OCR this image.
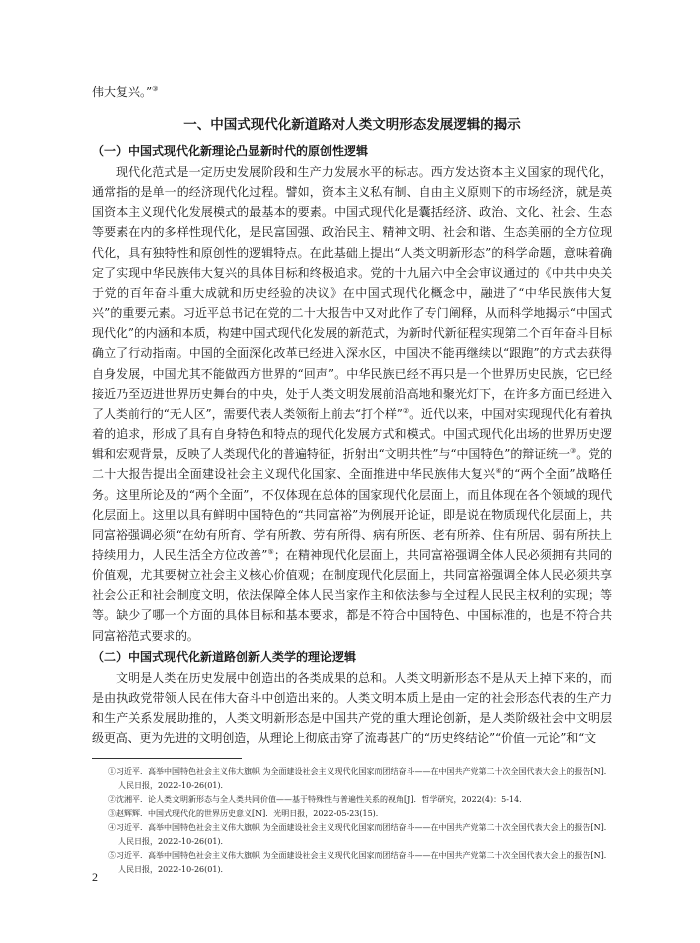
伟大复兴。”③

一、中国式现代化新道路对人类文明形态发展逻辑的揭示
（一）中国式现代化新理论凸显新时代的原创性逻辑

现代化范式是一定历史发展阶段和生产力发展水平的标志。西方发达资本主义国家的现代化，通常指的是单一的经济现代化过程。譬如，资本主义私有制、自由主义原则下的市场经济，就是英国资本主义现代化发展模式的最基本的要素。中国式现代化是囊括经济、政治、文化、社会、生态等要素在内的多样性现代化，是民富国强、政治民主、精神文明、社会和谐、生态美丽的全方位现代化，具有独特性和原创性的逻辑特点。在此基础上提出“人类文明新形态”的科学命题，意味着确定了实现中华民族伟大复兴的具体目标和终极追求。党的十九届六中全会审议通过的《中共中央关于党的百年奋斗重大成就和历史经验的决议》在中国式现代化概念中，融进了“中华民族伟大复兴”的重要元素。习近平总书记在党的二十大报告中又对此作了专门阐释，从而科学地揭示“中国式现代化”的内涵和本质，构建中国式现代化发展的新范式，为新时代新征程实现第二个百年奋斗目标确立了行动指南。中国的全面深化改革已经进入深水区，中国决不能再继续以“跟跑”的方式去获得自身发展，中国尤其不能做西方世界的“回声”。中华民族已经不再只是一个世界历史民族，它已经接近乃至迈进世界历史舞台的中央，处于人类文明发展前沿高地和聚光灯下，在许多方面已经进入了人类前行的“无人区”，需要代表人类领衔上前去“打个样”②。近代以来，中国对实现现代化有着执着的追求，形成了具有自身特色和特点的现代化发展方式和模式。中国式现代化出场的世界历史逻辑和宏观背景，反映了人类现代化的普遍特征，折射出“文明共性”与“中国特色”的辩证统一③。党的二十大报告提出全面建设社会主义现代化国家、全面推进中华民族伟大复兴④的“两个全面”战略任务。这里所论及的“两个全面”，不仅体现在总体的国家现代化层面上，而且体现在各个领域的现代化层面上。这里以具有鲜明中国特色的“共同富裕”为例展开论证，即是说在物质现代化层面上，共同富裕强调必须“在幼有所育、学有所教、劳有所得、病有所医、老有所养、住有所居、弱有所扶上持续用力，人民生活全方位改善”⑤；在精神现代化层面上，共同富裕强调全体人民必须拥有共同的价值观，尤其要树立社会主义核心价值观；在制度现代化层面上，共同富裕强调全体人民必须共享社会公正和社会制度文明，依法保障全体人民当家作主和依法参与全过程人民民主权利的实现；等等。缺少了哪一个方面的具体目标和基本要求，都是不符合中国特色、中国标准的，也是不符合共同富裕范式要求的。

（二）中国式现代化新道路创新人类学的理论逻辑

文明是人类在历史发展中创造出的各类成果的总和。人类文明新形态不是从天上掉下来的，而是由执政党带领人民在伟大奋斗中创造出来的。人类文明本质上是由一定的社会形态代表的生产力和生产关系发展助推的，人类文明新形态是中国共产党的重大理论创新，是人类阶级社会中文明层级更高、更为先进的文明创造，从理论上彻底击穿了流毒甚广的“历史终结论”“价值一元论”和“文

①习近平．高举中国特色社会主义伟大旗帜 为全面建设社会主义现代化国家而团结奋斗——在中国共产党第二十次全国代表大会上的报告[N]．人民日报，2022-10-26(01)．

②沈湘平．论人类文明新形态与全人类共同价值——基于特殊性与普遍性关系的视角[J]．哲学研究，2022(4)：5-14．

③赵辉辉．中国式现代化的世界历史意义[N]．光明日报，2022-05-23(15)．

④习近平．高举中国特色社会主义伟大旗帜 为全面建设社会主义现代化国家而团结奋斗——在中国共产党第二十次全国代表大会上的报告[N]．人民日报，2022-10-26(01)．

⑤习近平．高举中国特色社会主义伟大旗帜 为全面建设社会主义现代化国家而团结奋斗——在中国共产党第二十次全国代表大会上的报告[N]．人民日报，2022-10-26(01)．

2
